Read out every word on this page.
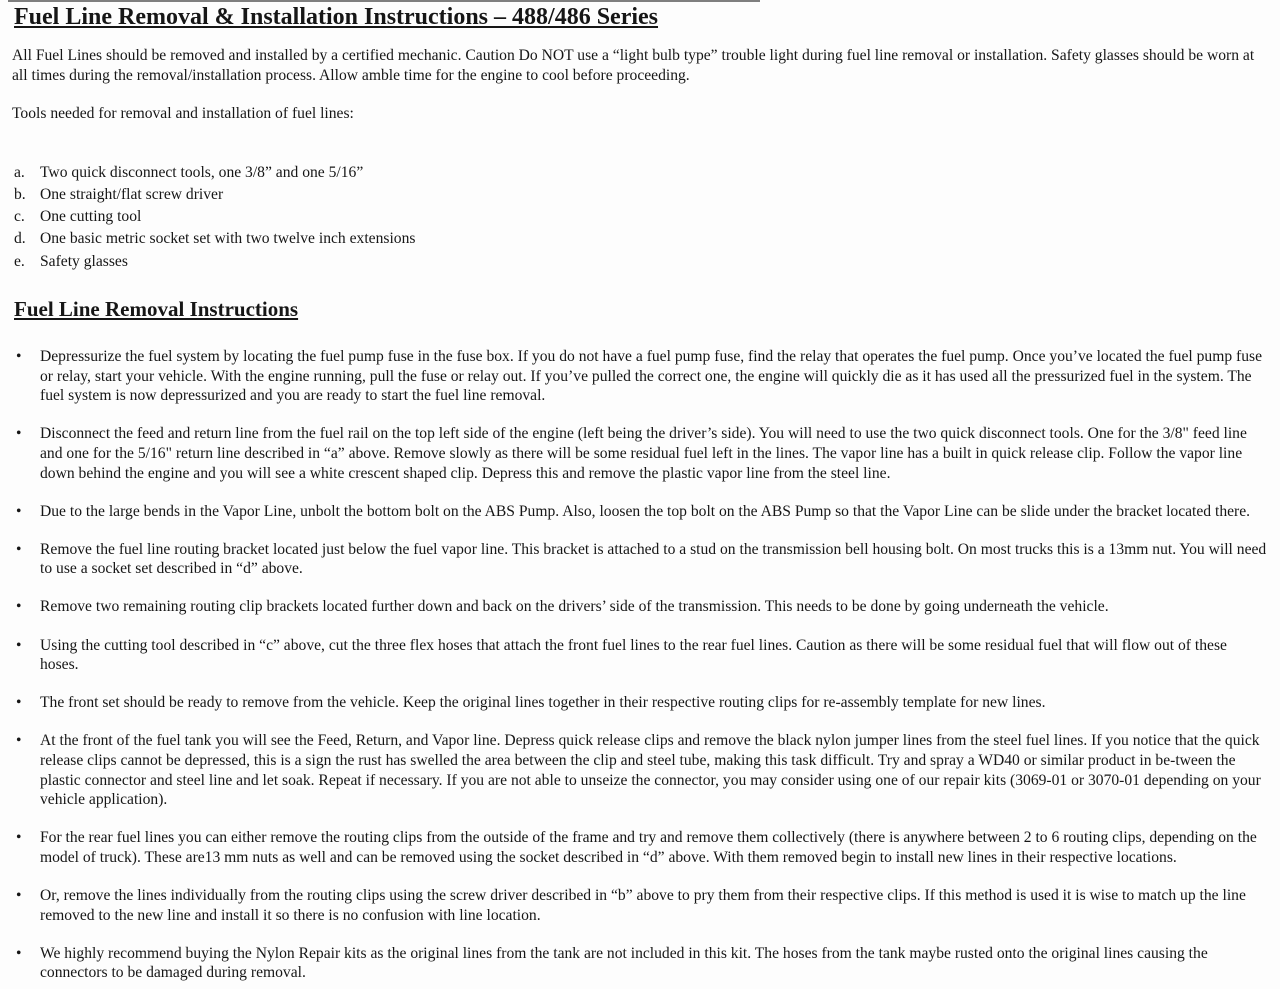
Fuel Line Removal & Installation Instructions – 488/486 Series

All Fuel Lines should be removed and installed by a certified mechanic. Caution Do NOT use a “light bulb type” trouble light during fuel line removal or installation. Safety glasses should be worn at all times during the removal/installation process. Allow amble time for the engine to cool before proceeding.

Tools needed for removal and installation of fuel lines:

a. Two quick disconnect tools, one 3/8” and one 5/16”
b. One straight/flat screw driver
c. One cutting tool
d. One basic metric socket set with two twelve inch extensions
e. Safety glasses
Fuel Line Removal Instructions
•	Depressurize the fuel system by locating the fuel pump fuse in the fuse box. If you do not have a fuel pump fuse, find the relay that operates the fuel pump. Once you’ve located the fuel pump fuse or relay, start your vehicle. With the engine running, pull the fuse or relay out. If you’ve pulled the correct one, the engine will quickly die as it has used all the pressurized fuel in the system. The fuel system is now depressurized and you are ready to start the fuel line removal.
•	Disconnect the feed and return line from the fuel rail on the top left side of the engine (left being the driver’s side). You will need to use the two quick disconnect tools. One for the 3/8" feed line and one for the 5/16" return line described in “a” above. Remove slowly as there will be some residual fuel left in the lines. The vapor line has a built in quick release clip. Follow the vapor line down behind the engine and you will see a white crescent shaped clip. Depress this and remove the plastic vapor line from the steel line.
•	Due to the large bends in the Vapor Line, unbolt the bottom bolt on the ABS Pump. Also, loosen the top bolt on the ABS Pump so that the Vapor Line can be slide under the bracket located there.
•	Remove the fuel line routing bracket located just below the fuel vapor line. This bracket is attached to a stud on the transmission bell housing bolt. On most trucks this is a 13mm nut. You will need to use a socket set described in “d” above.
•	Remove two remaining routing clip brackets located further down and back on the drivers’ side of the transmission. This needs to be done by going underneath the vehicle.
•	Using the cutting tool described in “c” above, cut the three flex hoses that attach the front fuel lines to the rear fuel lines. Caution as there will be some residual fuel that will flow out of these hoses.
•	The front set should be ready to remove from the vehicle. Keep the original lines together in their respective routing clips for re-assembly template for new lines.
•	At the front of the fuel tank you will see the Feed, Return, and Vapor line. Depress quick release clips and remove the black nylon jumper lines from the steel fuel lines. If you notice that the quick release clips cannot be depressed, this is a sign the rust has swelled the area between the clip and steel tube, making this task difficult. Try and spray a WD40 or similar product in be-tween the plastic connector and steel line and let soak. Repeat if necessary. If you are not able to unseize the connector, you may consider using one of our repair kits (3069-01 or 3070-01 depending on your vehicle application).
•	For the rear fuel lines you can either remove the routing clips from the outside of the frame and try and remove them collectively (there is anywhere between 2 to 6 routing clips, depending on the model of truck). These are13 mm nuts as well and can be removed using the socket described in “d” above. With them removed begin to install new lines in their respective locations.
•	Or, remove the lines individually from the routing clips using the screw driver described in “b” above to pry them from their respective clips. If this method is used it is wise to match up the line removed to the new line and install it so there is no confusion with line location.
•	We highly recommend buying the Nylon Repair kits as the original lines from the tank are not included in this kit. The hoses from the tank maybe rusted onto the original lines causing the connectors to be damaged during removal.
